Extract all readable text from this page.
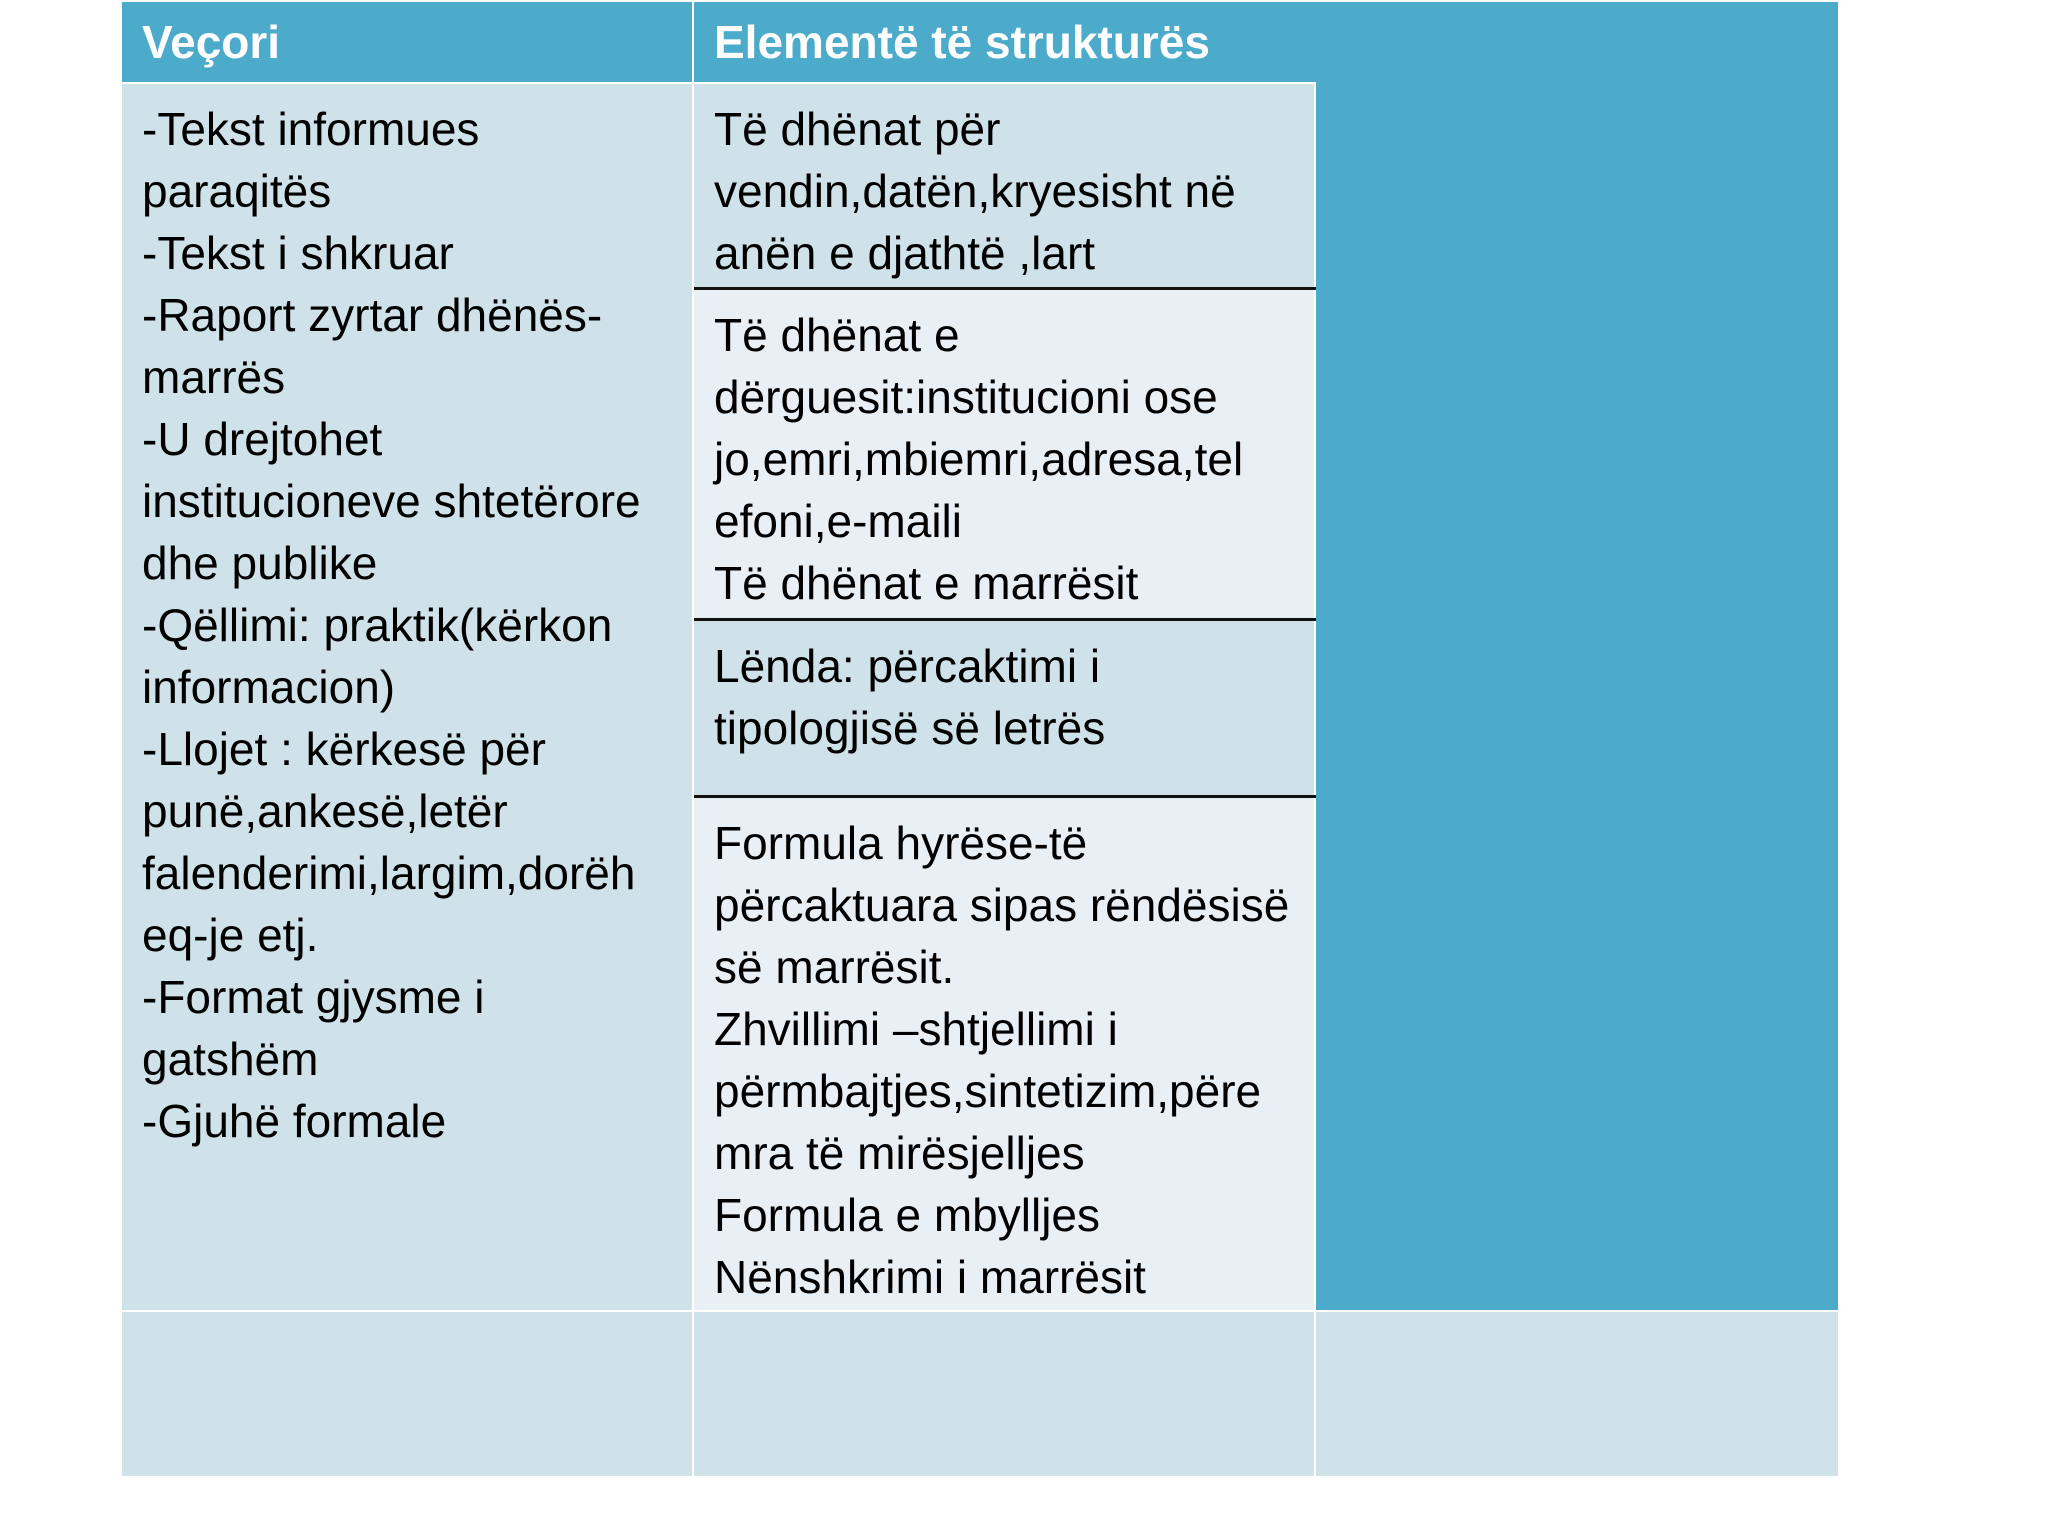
Veçori	Elementë të strukturës
-Tekst informues
paraqitës
-Tekst i shkruar
-Raport zyrtar dhënës-
marrës
-U drejtohet
institucioneve shtetërore
dhe publike
-Qëllimi: praktik(kërkon
informacion)
-Llojet : kërkesë për
punë,ankesë,letër
falenderimi,largim,dorëh
eq-je etj.
-Format gjysme i
gatshëm
-Gjuhë formale
Të dhënat për
vendin,datën,kryesisht në
anën e djathtë ,lart
Të dhënat e
dërguesit:institucioni ose
jo,emri,mbiemri,adresa,tel
efoni,e-maili
Të dhënat e marrësit
Lënda: përcaktimi i
tipologjisë së letrës
Formula hyrëse-të
përcaktuara sipas rëndësisë
së marrësit.
Zhvillimi –shtjellimi i
përmbajtjes,sintetizim,përe
mra të mirësjelljes
Formula e mbylljes
Nënshkrimi i marrësit
